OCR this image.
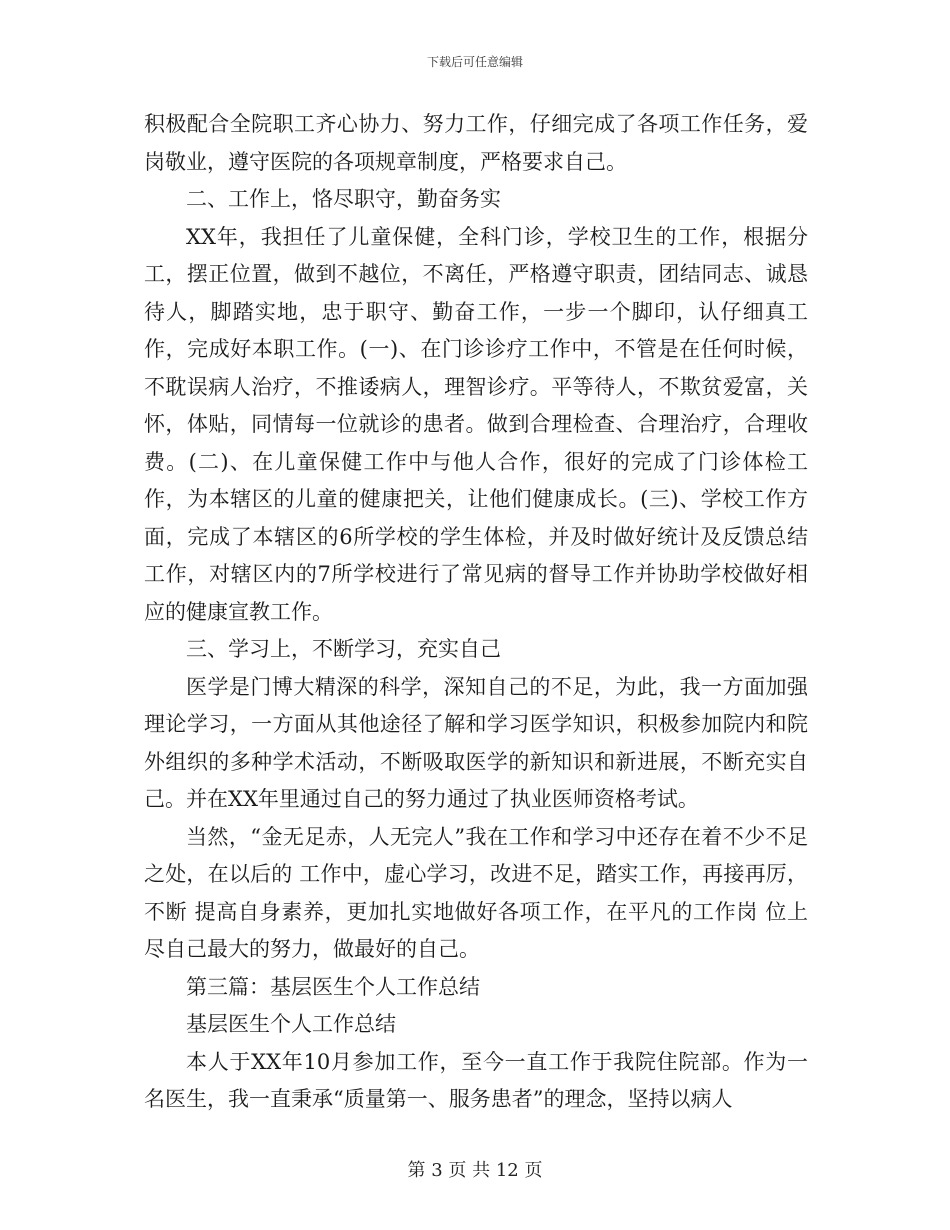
下载后可任意编辑

积极配合全院职工齐心协力、努力工作，仔细完成了各项工作任务，爱岗敬业，遵守医院的各项规章制度，严格要求自己。

二、工作上，恪尽职守，勤奋务实

XX年，我担任了儿童保健，全科门诊，学校卫生的工作，根据分工，摆正位置，做到不越位，不离任，严格遵守职责，团结同志、诚恳待人，脚踏实地，忠于职守、勤奋工作，一步一个脚印，认仔细真工作，完成好本职工作。(一)、在门诊诊疗工作中，不管是在任何时候，不耽误病人治疗，不推诿病人，理智诊疗。平等待人，不欺贫爱富，关怀，体贴，同情每一位就诊的患者。做到合理检查、合理治疗，合理收费。(二)、在儿童保健工作中与他人合作，很好的完成了门诊体检工作，为本辖区的儿童的健康把关，让他们健康成长。(三)、学校工作方面，完成了本辖区的6所学校的学生体检，并及时做好统计及反馈总结工作，对辖区内的7所学校进行了常见病的督导工作并协助学校做好相应的健康宣教工作。

三、学习上，不断学习，充实自己

医学是门博大精深的科学，深知自己的不足，为此，我一方面加强理论学习，一方面从其他途径了解和学习医学知识，积极参加院内和院外组织的多种学术活动，不断吸取医学的新知识和新进展，不断充实自己。并在XX年里通过自己的努力通过了执业医师资格考试。

当然，“金无足赤，人无完人”我在工作和学习中还存在着不少不足之处，在以后的 工作中，虚心学习，改进不足，踏实工作，再接再厉，不断 提高自身素养，更加扎实地做好各项工作，在平凡的工作岗 位上尽自己最大的努力，做最好的自己。

第三篇：基层医生个人工作总结

基层医生个人工作总结

本人于XX年10月参加工作，至今一直工作于我院住院部。作为一名医生，我一直秉承“质量第一、服务患者”的理念，坚持以病人

第 3 页 共 12 页
